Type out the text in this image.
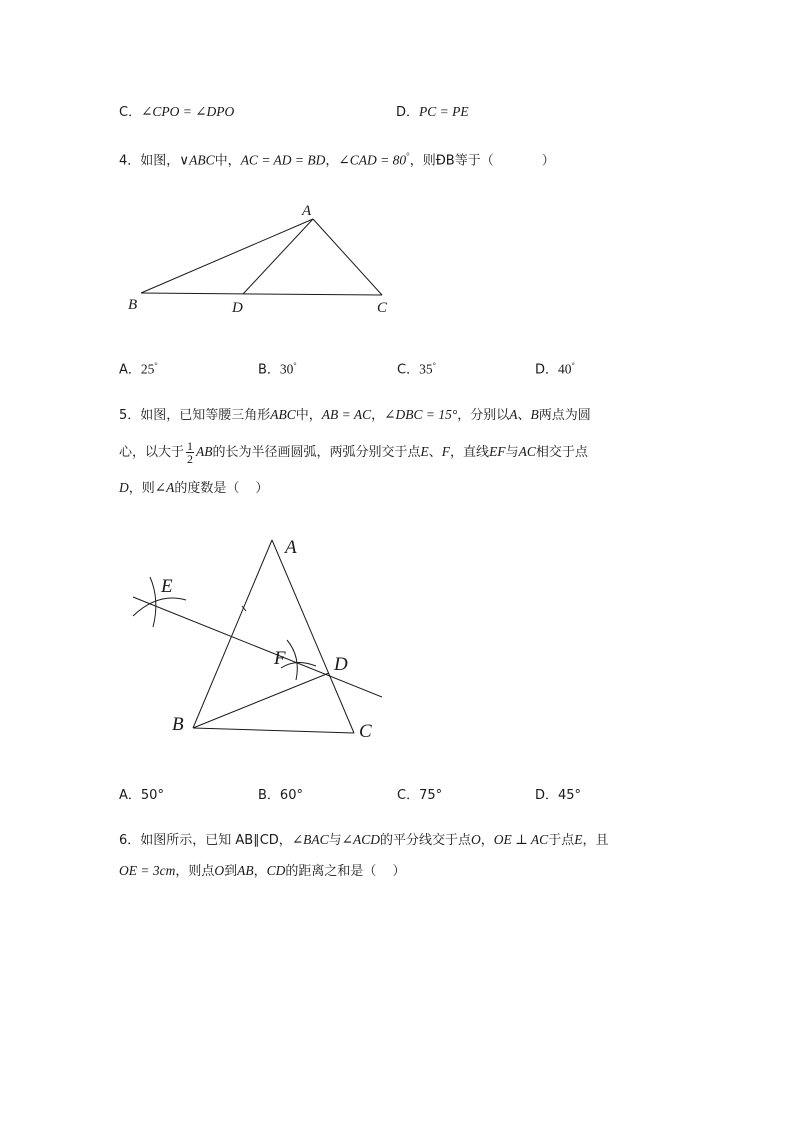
C．∠CPO = ∠DPO	D．PC = PE
4．如图，∨ABC中，AC = AD = BD，∠CAD = 80°，则ÐB等于（	）
A
B	D	C
A．25°	B．30°	C．35°	D．40°
5．如图，已知等腰三角形ABC中，AB = AC，∠DBC = 15°，分别以A、B两点为圆
心，以大于 $\frac{1}{2}$ AB的长为半径画圆弧，两弧分别交于点E、F，直线EF与AC相交于点
D，则∠A的度数是（ ）
A
E
F	D
B	C
A．50°	B．60°	C．75°	D．45°
6．如图所示，已知 AB∥CD，∠BAC与∠ACD的平分线交于点O，OE ⊥ AC于点E，且
OE = 3cm，则点O到AB，CD的距离之和是（ ）
